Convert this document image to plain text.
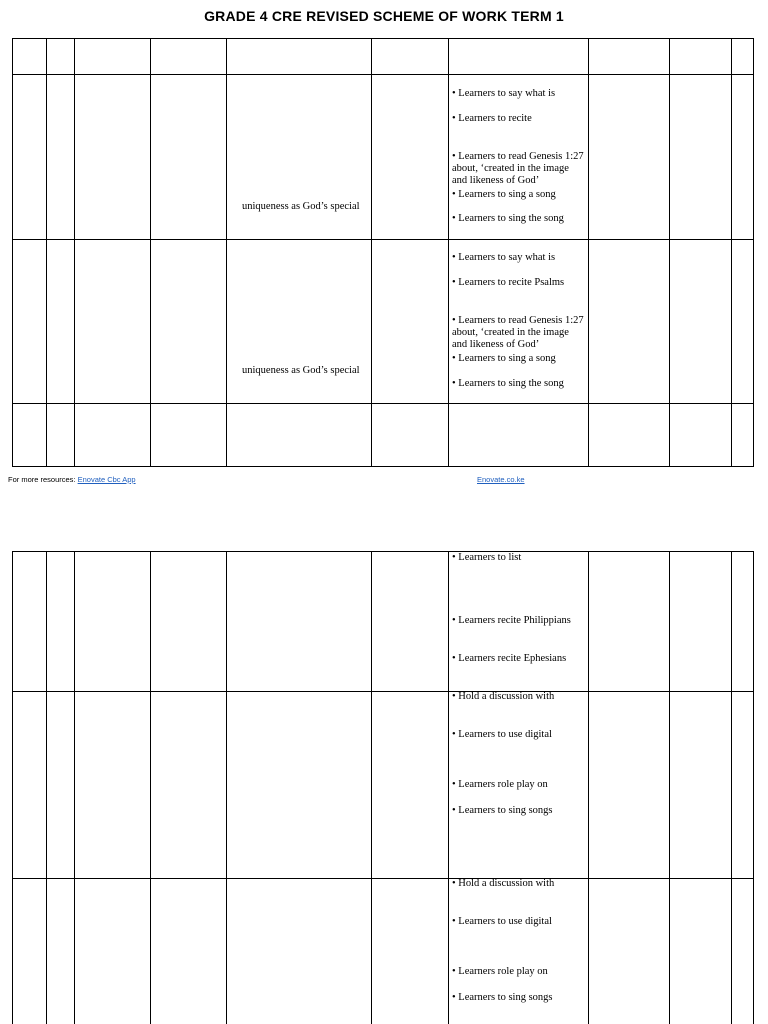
GRADE 4 CRE REVISED SCHEME OF WORK TERM 1
uniqueness as God’s special
• Learners to say what is
• Learners to recite
• Learners to read Genesis 1:27 about, ‘created in the image and likeness of God’
• Learners to sing a song
• Learners to sing the song
uniqueness as God’s special
• Learners to say what is
• Learners to recite Psalms
• Learners to read Genesis 1:27 about, ‘created in the image and likeness of God’
• Learners to sing a song
• Learners to sing the song
For more resources: Enovate Cbc App	Enovate.co.ke
• Learners to list
• Learners recite Philippians
• Learners recite Ephesians
• Hold a discussion with
• Learners to use digital
• Learners role play on
• Learners to sing songs
• Hold a discussion with
• Learners to use digital
• Learners role play on
• Learners to sing songs
